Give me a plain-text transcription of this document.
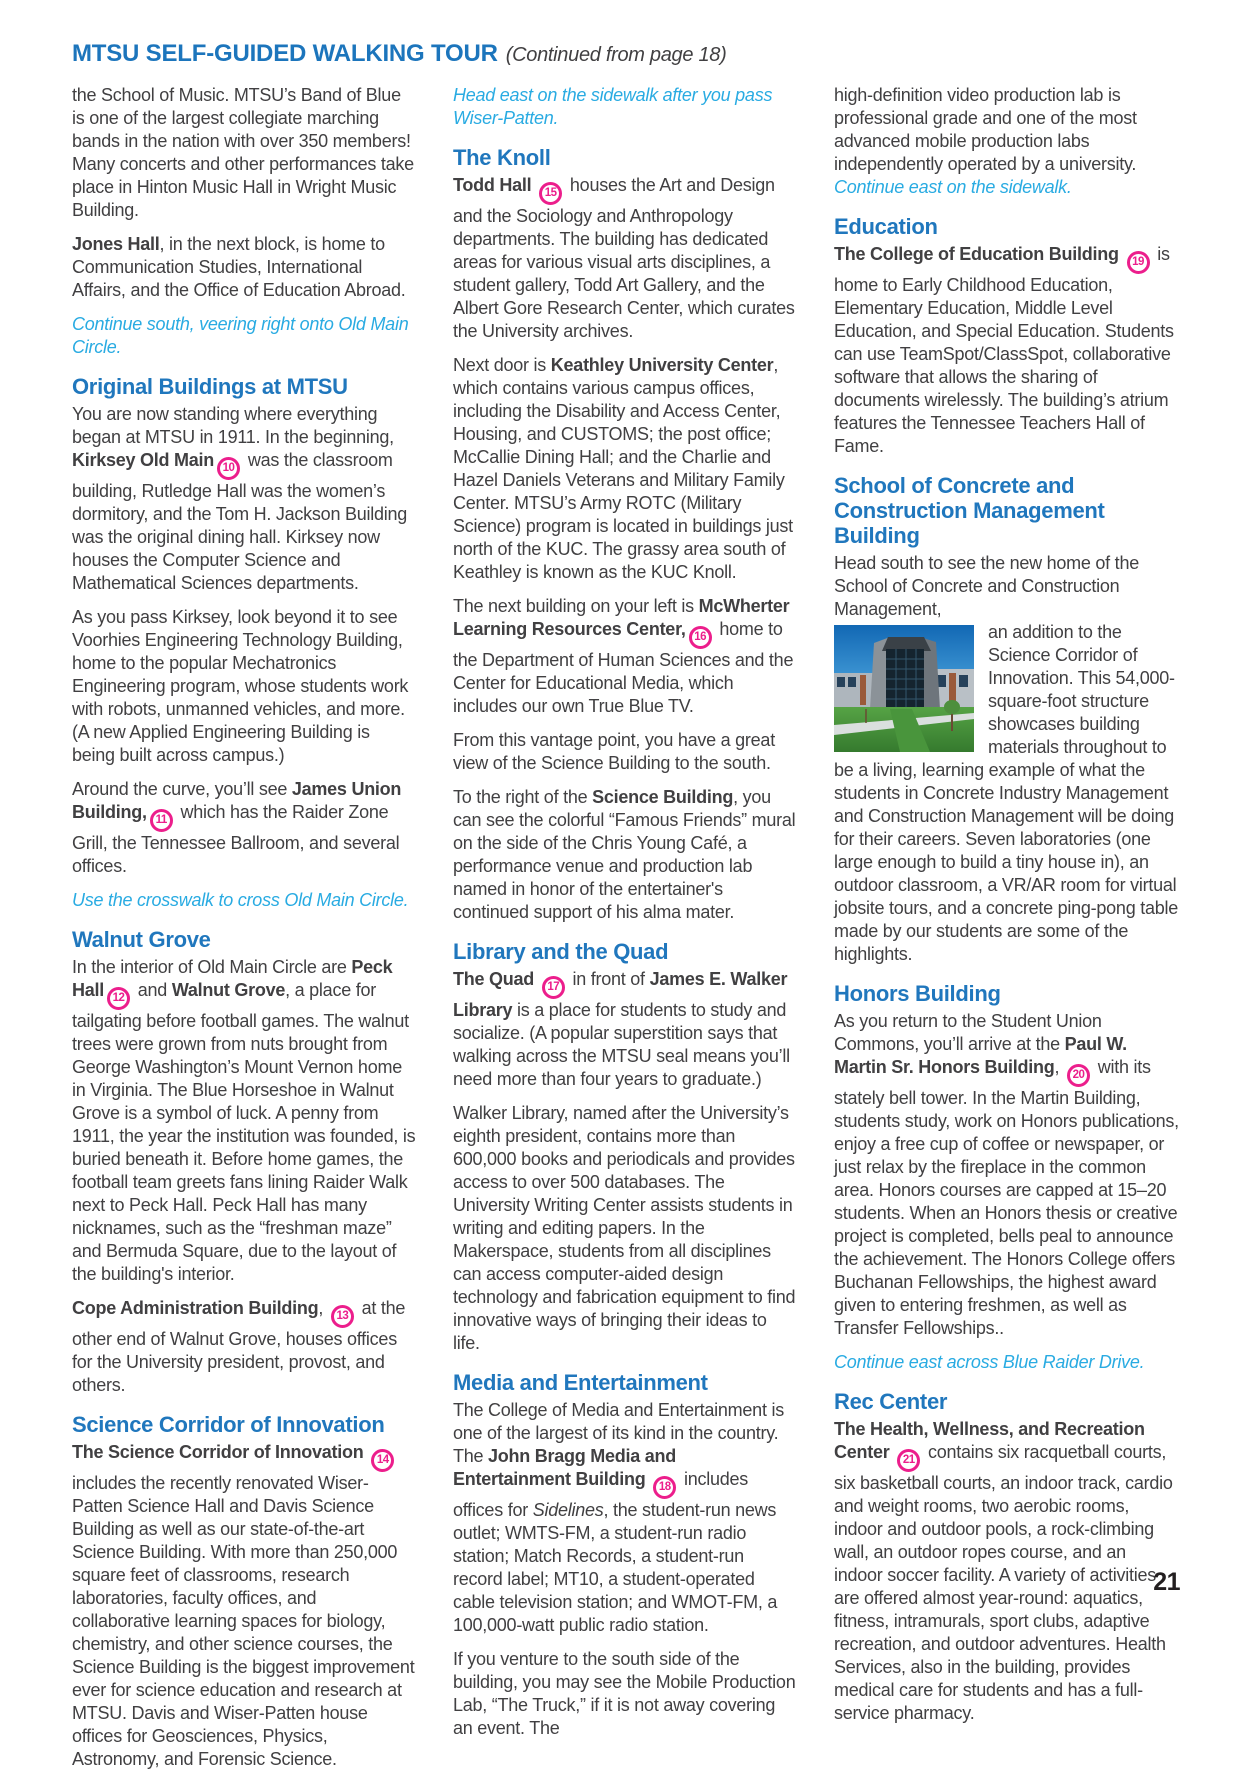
MTSU SELF-GUIDED WALKING TOUR (Continued from page 18)

the School of Music. MTSU’s Band of Blue is one of the largest collegiate marching bands in the nation with over 350 members! Many concerts and other performances take place in Hinton Music Hall in Wright Music Building.

Jones Hall, in the next block, is home to Communication Studies, International Affairs, and the Office of Education Abroad.

Continue south, veering right onto Old Main Circle.

Original Buildings at MTSU

You are now standing where everything began at MTSU in 1911. In the beginning, Kirksey Old Main 10 was the classroom building, Rutledge Hall was the women’s dormitory, and the Tom H. Jackson Building was the original dining hall. Kirksey now houses the Computer Science and Mathematical Sciences departments.

As you pass Kirksey, look beyond it to see Voorhies Engineering Technology Building, home to the popular Mechatronics Engineering program, whose students work with robots, unmanned vehicles, and more. (A new Applied Engineering Building is being built across campus.)

Around the curve, you’ll see James Union Building, 11 which has the Raider Zone Grill, the Tennessee Ballroom, and several offices.

Use the crosswalk to cross Old Main Circle.

Walnut Grove

In the interior of Old Main Circle are Peck Hall 12 and Walnut Grove, a place for tailgating before football games. The walnut trees were grown from nuts brought from George Washington’s Mount Vernon home in Virginia. The Blue Horseshoe in Walnut Grove is a symbol of luck. A penny from 1911, the year the institution was founded, is buried beneath it. Before home games, the football team greets fans lining Raider Walk next to Peck Hall. Peck Hall has many nicknames, such as the “freshman maze” and Bermuda Square, due to the layout of the building's interior.

Cope Administration Building, 13 at the other end of Walnut Grove, houses offices for the University president, provost, and others.

Science Corridor of Innovation

The Science Corridor of Innovation 14 includes the recently renovated Wiser-Patten Science Hall and Davis Science Building as well as our state-of-the-art Science Building. With more than 250,000 square feet of classrooms, research laboratories, faculty offices, and collaborative learning spaces for biology, chemistry, and other science courses, the Science Building is the biggest improvement ever for science education and research at MTSU. Davis and Wiser-Patten house offices for Geosciences, Physics, Astronomy, and Forensic Science.

Head east on the sidewalk after you pass Wiser-Patten.

The Knoll

Todd Hall 15 houses the Art and Design and the Sociology and Anthropology departments. The building has dedicated areas for various visual arts disciplines, a student gallery, Todd Art Gallery, and the Albert Gore Research Center, which curates the University archives.

Next door is Keathley University Center, which contains various campus offices, including the Disability and Access Center, Housing, and CUSTOMS; the post office; McCallie Dining Hall; and the Charlie and Hazel Daniels Veterans and Military Family Center. MTSU’s Army ROTC (Military Science) program is located in buildings just north of the KUC. The grassy area south of Keathley is known as the KUC Knoll.

The next building on your left is McWherter Learning Resources Center, 16 home to the Department of Human Sciences and the Center for Educational Media, which includes our own True Blue TV.

From this vantage point, you have a great view of the Science Building to the south.

To the right of the Science Building, you can see the colorful “Famous Friends” mural on the side of the Chris Young Café, a performance venue and production lab named in honor of the entertainer's continued support of his alma mater.

Library and the Quad

The Quad 17 in front of James E. Walker Library is a place for students to study and socialize. (A popular superstition says that walking across the MTSU seal means you’ll need more than four years to graduate.)

Walker Library, named after the University’s eighth president, contains more than 600,000 books and periodicals and provides access to over 500 databases. The University Writing Center assists students in writing and editing papers. In the Makerspace, students from all disciplines can access computer-aided design technology and fabrication equipment to find innovative ways of bringing their ideas to life.

Media and Entertainment

The College of Media and Entertainment is one of the largest of its kind in the country. The John Bragg Media and Entertainment Building 18 includes offices for Sidelines, the student-run news outlet; WMTS-FM, a student-run radio station; Match Records, a student-run record label; MT10, a student-operated cable television station; and WMOT-FM, a 100,000-watt public radio station.

If you venture to the south side of the building, you may see the Mobile Production Lab, “The Truck,” if it is not away covering an event. The

high-definition video production lab is professional grade and one of the most advanced mobile production labs independently operated by a university.

Continue east on the sidewalk.

Education

The College of Education Building 19 is home to Early Childhood Education, Elementary Education, Middle Level Education, and Special Education. Students can use TeamSpot/ClassSpot, collaborative software that allows the sharing of documents wirelessly. The building’s atrium features the Tennessee Teachers Hall of Fame.

School of Concrete and Construction Management Building

Head south to see the new home of the School of Concrete and Construction Management,

an addition to the Science Corridor of Innovation. This 54,000-square-foot structure showcases building materials throughout to be a living, learning example of what the students in Concrete Industry Management and Construction Management will be doing for their careers. Seven laboratories (one large enough to build a tiny house in), an outdoor classroom, a VR/AR room for virtual jobsite tours, and a concrete ping-pong table made by our students are some of the highlights.

Honors Building

As you return to the Student Union Commons, you’ll arrive at the Paul W. Martin Sr. Honors Building, 20 with its stately bell tower. In the Martin Building, students study, work on Honors publications, enjoy a free cup of coffee or newspaper, or just relax by the fireplace in the common area. Honors courses are capped at 15–20 students. When an Honors thesis or creative project is completed, bells peal to announce the achievement. The Honors College offers Buchanan Fellowships, the highest award given to entering freshmen, as well as Transfer Fellowships..

Continue east across Blue Raider Drive.

Rec Center

The Health, Wellness, and Recreation Center 21 contains six racquetball courts, six basketball courts, an indoor track, cardio and weight rooms, two aerobic rooms, indoor and outdoor pools, a rock-climbing wall, an outdoor ropes course, and an indoor soccer facility. A variety of activities are offered almost year-round: aquatics, fitness, intramurals, sport clubs, adaptive recreation, and outdoor adventures. Health Services, also in the building, provides medical care for students and has a full-service pharmacy.

21
